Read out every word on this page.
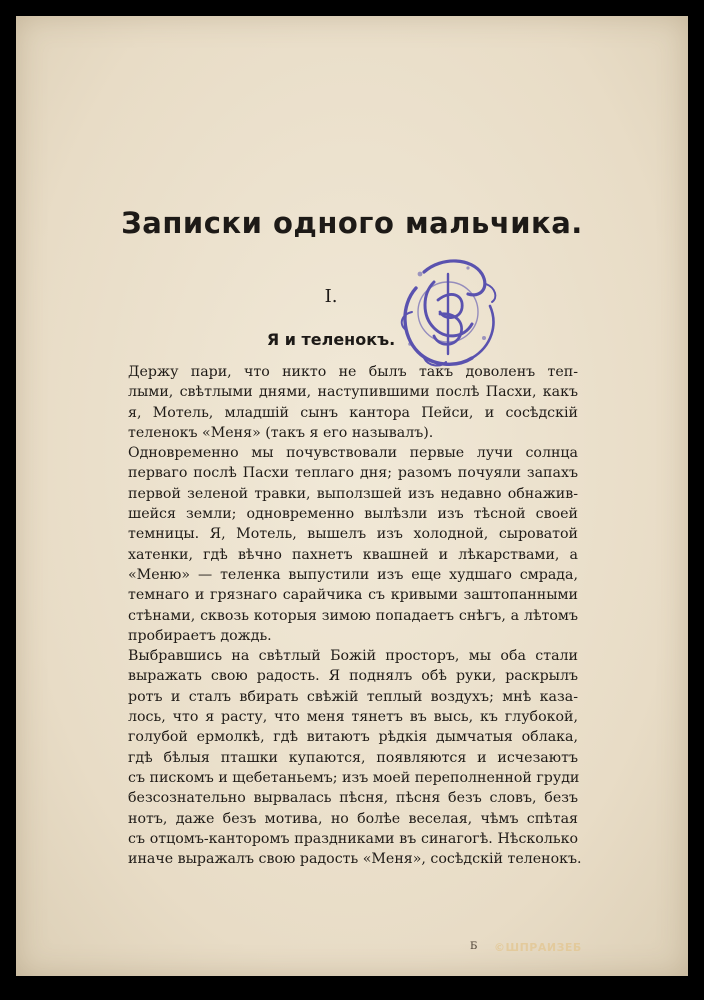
Записки одного мальчика.
I.
Я и теленокъ.

Держу пари, что никто не былъ такъ доволенъ теп-
лыми, свѣтлыми днями, наступившими послѣ Пасхи, какъ
я, Мотель, младшій сынъ кантора Пейси, и сосѣдскій
теленокъ «Меня» (такъ я его называлъ).

Одновременно мы почувствовали первые лучи солнца
перваго послѣ Пасхи теплаго дня; разомъ почуяли запахъ
первой зеленой травки, выползшей изъ недавно обнажив-
шейся земли; одновременно вылѣзли изъ тѣсной своей
темницы. Я, Мотель, вышелъ изъ холодной, сыроватой
хатенки, гдѣ вѣчно пахнетъ квашней и лѣкарствами, а
«Меню» — теленка выпустили изъ еще худшаго смрада,
темнаго и грязнаго сарайчика съ кривыми заштопанными
стѣнами, сквозь которыя зимою попадаетъ снѣгъ, а лѣтомъ
пробираетъ дождь.

Выбравшись на свѣтлый Божій просторъ, мы оба стали
выражать свою радость. Я поднялъ обѣ руки, раскрылъ
ротъ и сталъ вбирать свѣжій теплый воздухъ; мнѣ каза-
лось, что я расту, что меня тянетъ въ высь, къ глубокой,
голубой ермолкѣ, гдѣ витаютъ рѣдкія дымчатыя облака,
гдѣ бѣлыя пташки купаются, появляются и исчезаютъ
съ пискомъ и щебетаньемъ; изъ моей переполненной груди
безсознательно вырвалась пѣсня, пѣсня безъ словъ, безъ
нотъ, даже безъ мотива, но болѣе веселая, чѣмъ спѣтая
съ отцомъ-канторомъ праздниками въ синагогѣ. Нѣсколько
иначе выражалъ свою радость «Меня», сосѣдскій теленокъ.

Б ©ШПРАИЗЕБ
